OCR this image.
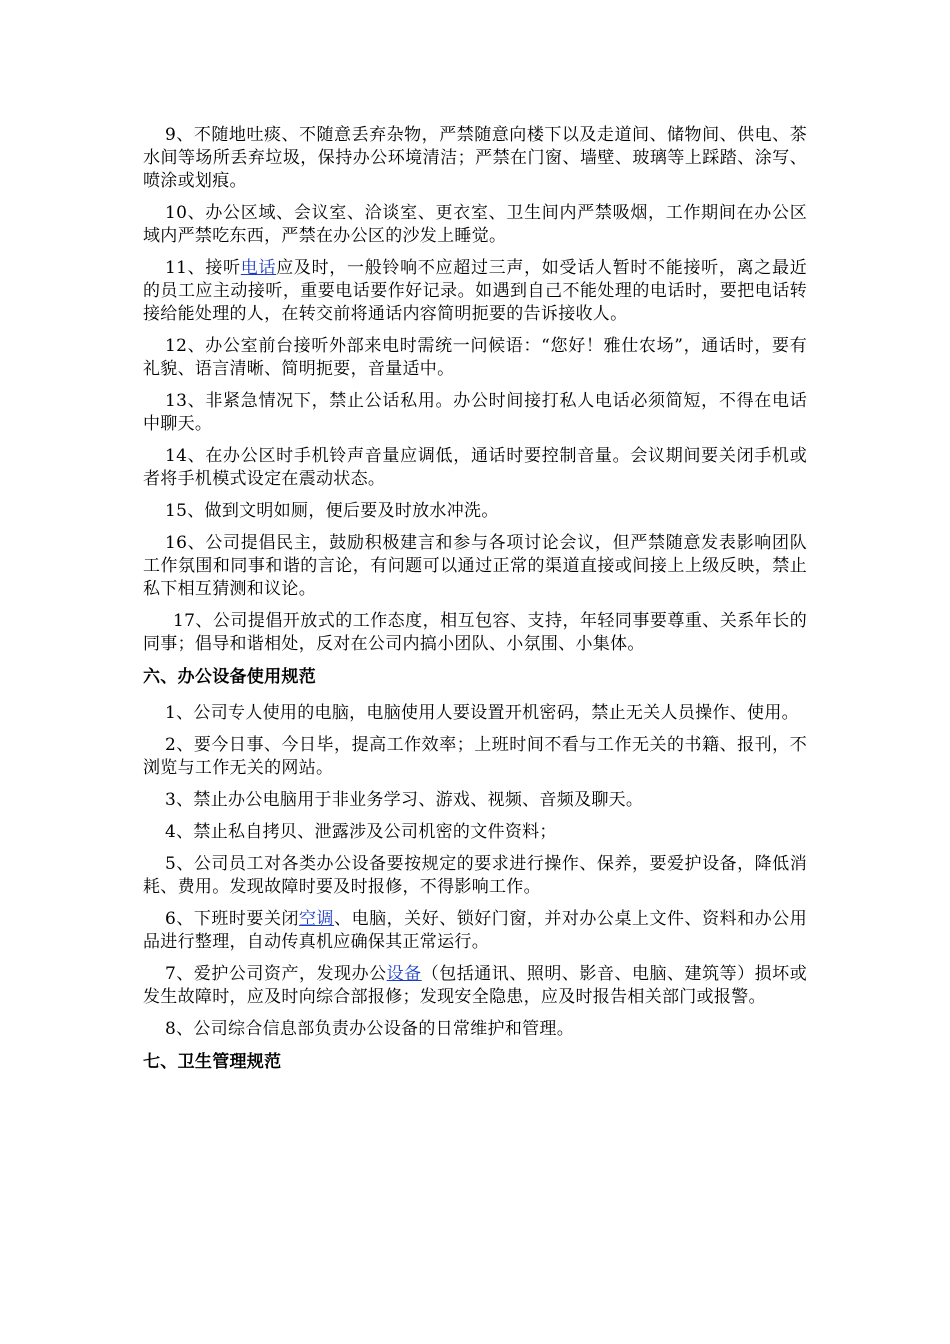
9、不随地吐痰、不随意丢弃杂物，严禁随意向楼下以及走道间、储物间、供电、茶水间等场所丢弃垃圾，保持办公环境清洁；严禁在门窗、墙壁、玻璃等上踩踏、涂写、喷涂或划痕。

10、办公区域、会议室、洽谈室、更衣室、卫生间内严禁吸烟，工作期间在办公区域内严禁吃东西，严禁在办公区的沙发上睡觉。

11、接听电话应及时，一般铃响不应超过三声，如受话人暂时不能接听，离之最近的员工应主动接听，重要电话要作好记录。如遇到自己不能处理的电话时，要把电话转接给能处理的人，在转交前将通话内容简明扼要的告诉接收人。

12、办公室前台接听外部来电时需统一问候语：“您好！雅仕农场”，通话时，要有礼貌、语言清晰、简明扼要，音量适中。

13、非紧急情况下，禁止公话私用。办公时间接打私人电话必须简短，不得在电话中聊天。

14、在办公区时手机铃声音量应调低，通话时要控制音量。会议期间要关闭手机或者将手机模式设定在震动状态。

15、做到文明如厕，便后要及时放水冲洗。

16、公司提倡民主，鼓励积极建言和参与各项讨论会议，但严禁随意发表影响团队工作氛围和同事和谐的言论，有问题可以通过正常的渠道直接或间接上上级反映，禁止私下相互猜测和议论。

17、公司提倡开放式的工作态度，相互包容、支持，年轻同事要尊重、关系年长的同事；倡导和谐相处，反对在公司内搞小团队、小氛围、小集体。

六、办公设备使用规范

1、公司专人使用的电脑，电脑使用人要设置开机密码，禁止无关人员操作、使用。

2、要今日事、今日毕，提高工作效率；上班时间不看与工作无关的书籍、报刊，不浏览与工作无关的网站。

3、禁止办公电脑用于非业务学习、游戏、视频、音频及聊天。

4、禁止私自拷贝、泄露涉及公司机密的文件资料；

5、公司员工对各类办公设备要按规定的要求进行操作、保养，要爱护设备，降低消耗、费用。发现故障时要及时报修，不得影响工作。

6、下班时要关闭空调、电脑，关好、锁好门窗，并对办公桌上文件、资料和办公用品进行整理，自动传真机应确保其正常运行。

7、爱护公司资产，发现办公设备（包括通讯、照明、影音、电脑、建筑等）损坏或发生故障时，应及时向综合部报修；发现安全隐患，应及时报告相关部门或报警。

8、公司综合信息部负责办公设备的日常维护和管理。

七、卫生管理规范
